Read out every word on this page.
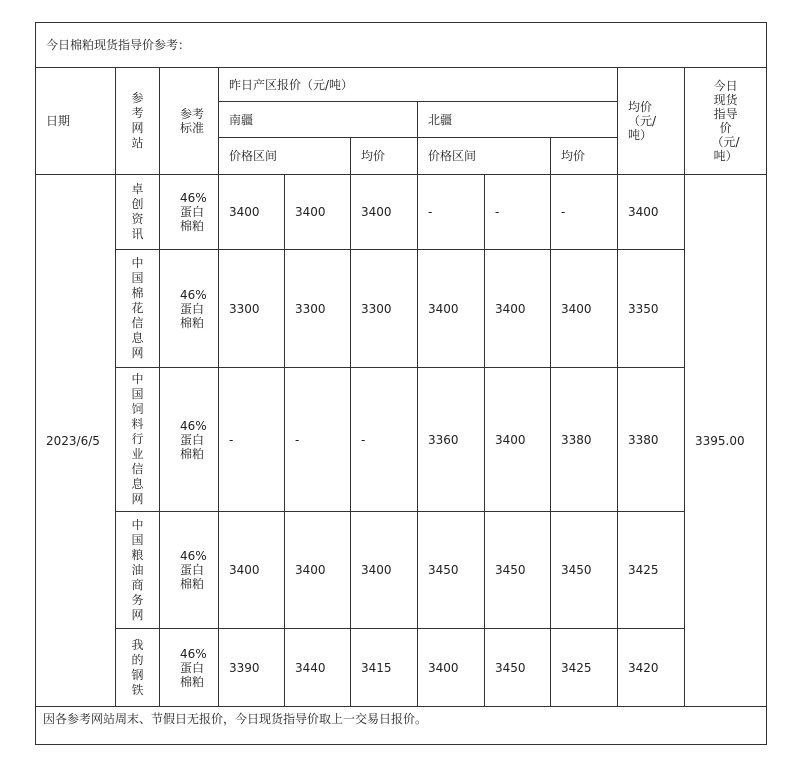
今日棉粕现货指导价参考：										
日期	参考网站	参考标准	昨日产区报价（元/吨）						均价（元/吨）	今日现货指导价（元/吨）
			南疆			北疆				
			价格区间		均价	价格区间		均价		
2023/6/5	卓创资讯	46%蛋白棉粕	3400	3400	3400	-	-	-	3400	3395.00

	中国棉花信息网	46%蛋白棉粕	3300	3300	3300	3400	3400	3400	3350	

	中国饲料行业信息网	46%蛋白棉粕	-	-	-	3360	3400	3380	3380	

	中国粮油商务网	46%蛋白棉粕	3400	3400	3400	3450	3450	3450	3425	

	我的钢铁	46%蛋白棉粕	3390	3440	3415	3400	3450	3425	3420	
因各参考网站周末、节假日无报价，今日现货指导价取上一交易日报价。										
